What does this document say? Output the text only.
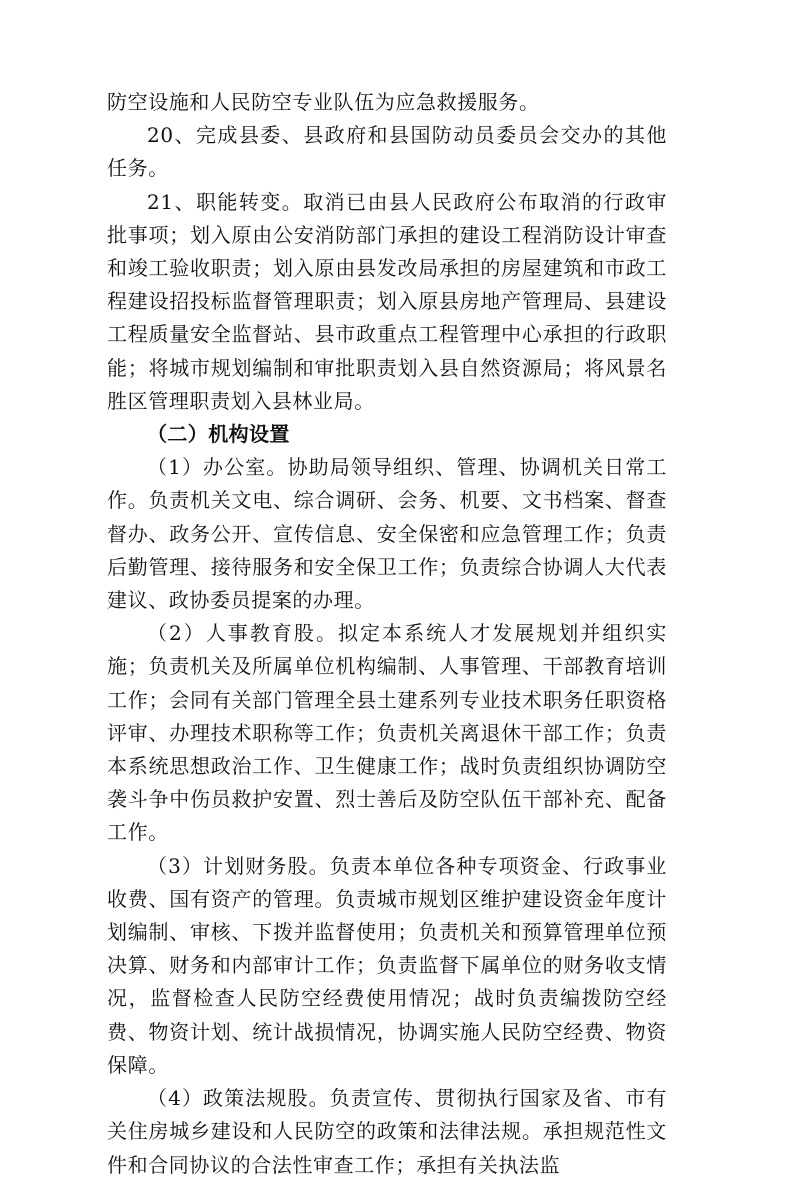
防空设施和人民防空专业队伍为应急救援服务。

20、完成县委、县政府和县国防动员委员会交办的其他任务。

21、职能转变。取消已由县人民政府公布取消的行政审批事项；划入原由公安消防部门承担的建设工程消防设计审查和竣工验收职责；划入原由县发改局承担的房屋建筑和市政工程建设招投标监督管理职责；划入原县房地产管理局、县建设工程质量安全监督站、县市政重点工程管理中心承担的行政职能；将城市规划编制和审批职责划入县自然资源局；将风景名胜区管理职责划入县林业局。

（二）机构设置

（1）办公室。协助局领导组织、管理、协调机关日常工作。负责机关文电、综合调研、会务、机要、文书档案、督查督办、政务公开、宣传信息、安全保密和应急管理工作；负责后勤管理、接待服务和安全保卫工作；负责综合协调人大代表建议、政协委员提案的办理。

（2）人事教育股。拟定本系统人才发展规划并组织实施；负责机关及所属单位机构编制、人事管理、干部教育培训工作；会同有关部门管理全县土建系列专业技术职务任职资格评审、办理技术职称等工作；负责机关离退休干部工作；负责本系统思想政治工作、卫生健康工作；战时负责组织协调防空袭斗争中伤员救护安置、烈士善后及防空队伍干部补充、配备工作。

（3）计划财务股。负责本单位各种专项资金、行政事业收费、国有资产的管理。负责城市规划区维护建设资金年度计划编制、审核、下拨并监督使用；负责机关和预算管理单位预决算、财务和内部审计工作；负责监督下属单位的财务收支情况，监督检查人民防空经费使用情况；战时负责编拨防空经费、物资计划、统计战损情况，协调实施人民防空经费、物资保障。

（4）政策法规股。负责宣传、贯彻执行国家及省、市有关住房城乡建设和人民防空的政策和法律法规。承担规范性文件和合同协议的合法性审查工作；承担有关执法监
